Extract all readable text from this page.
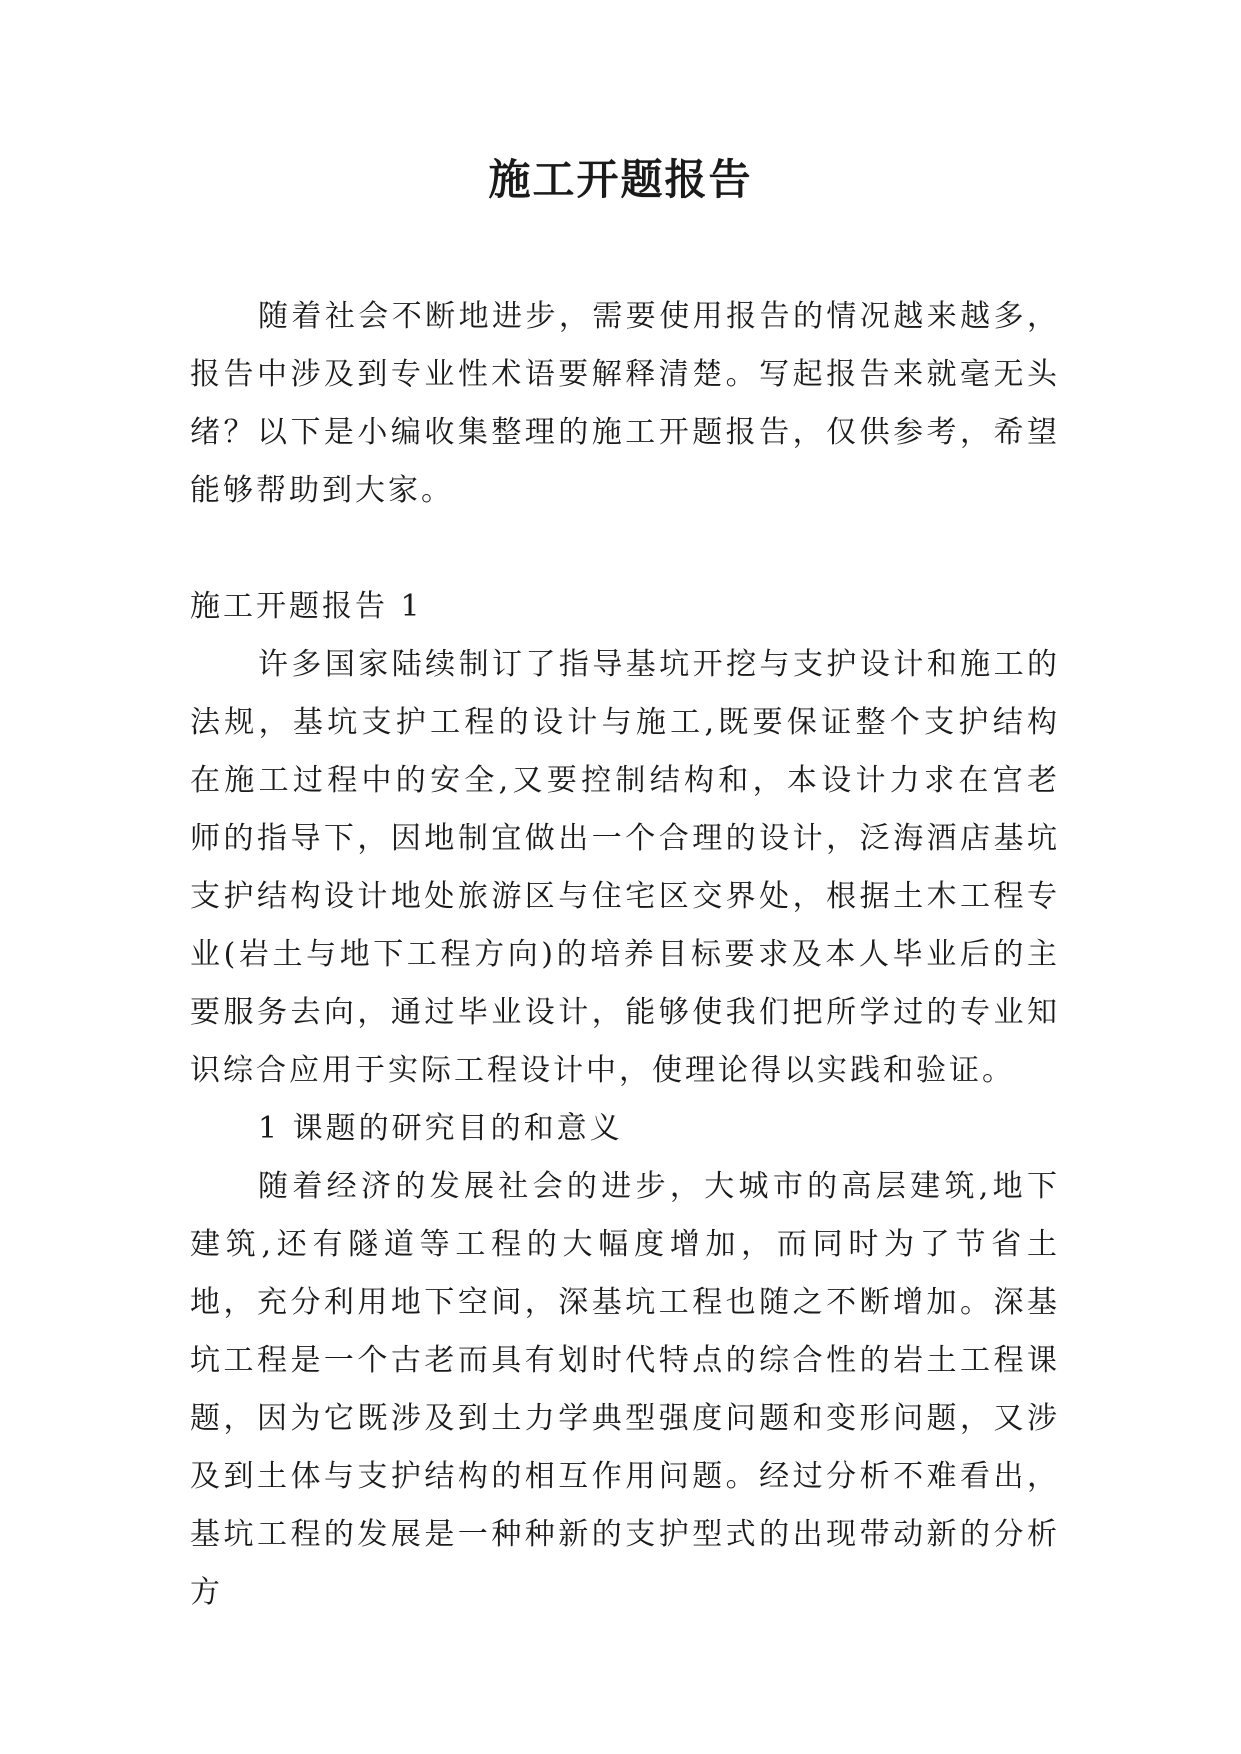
施工开题报告

随着社会不断地进步，需要使用报告的情况越来越多，报告中涉及到专业性术语要解释清楚。写起报告来就毫无头绪？以下是小编收集整理的施工开题报告，仅供参考，希望能够帮助到大家。

施工开题报告 1

许多国家陆续制订了指导基坑开挖与支护设计和施工的法规，基坑支护工程的设计与施工,既要保证整个支护结构在施工过程中的安全,又要控制结构和，本设计力求在宫老师的指导下，因地制宜做出一个合理的设计，泛海酒店基坑支护结构设计地处旅游区与住宅区交界处，根据土木工程专业(岩土与地下工程方向)的培养目标要求及本人毕业后的主要服务去向，通过毕业设计，能够使我们把所学过的专业知识综合应用于实际工程设计中，使理论得以实践和验证。

1 课题的研究目的和意义

随着经济的发展社会的进步，大城市的高层建筑,地下建筑,还有隧道等工程的大幅度增加，而同时为了节省土地，充分利用地下空间，深基坑工程也随之不断增加。深基坑工程是一个古老而具有划时代特点的综合性的岩土工程课题，因为它既涉及到土力学典型强度问题和变形问题，又涉及到土体与支护结构的相互作用问题。经过分析不难看出，基坑工程的发展是一种种新的支护型式的出现带动新的分析方
